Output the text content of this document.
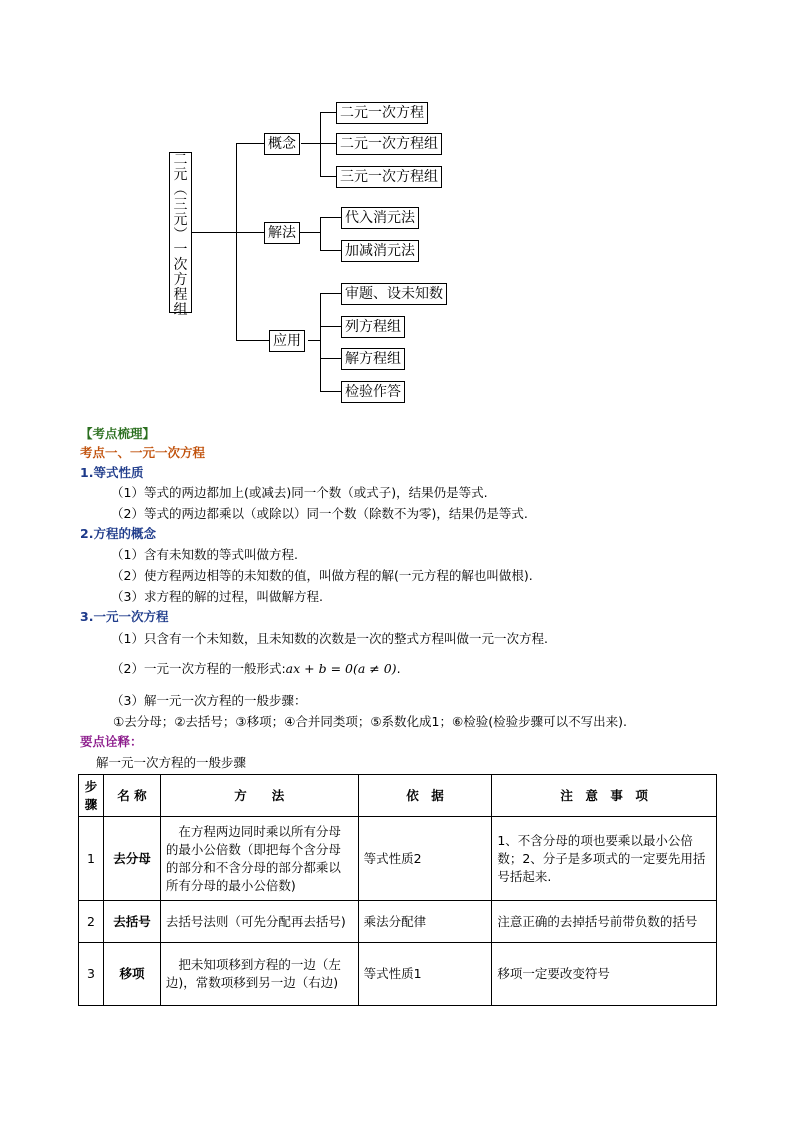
二
元
︵
三
元
︶
一
次
方
程
组
概念
解法
应用
二元一次方程
二元一次方程组
三元一次方程组
代入消元法
加减消元法
审题、设未知数
列方程组
解方程组
检验作答
【考点梳理】
考点一、一元一次方程
1.等式性质
（1）等式的两边都加上(或减去)同一个数（或式子)，结果仍是等式.
（2）等式的两边都乘以（或除以）同一个数（除数不为零)，结果仍是等式.
2.方程的概念
（1）含有未知数的等式叫做方程.
（2）使方程两边相等的未知数的值，叫做方程的解(一元方程的解也叫做根).
（3）求方程的解的过程，叫做解方程.
3.一元一次方程
（1）只含有一个未知数，且未知数的次数是一次的整式方程叫做一元一次方程.
（2）一元一次方程的一般形式:ax + b = 0(a ≠ 0).
（3）解一元一次方程的一般步骤：
①去分母；②去括号；③移项；④合并同类项；⑤系数化成1；⑥检验(检验步骤可以不写出来).
要点诠释：
解一元一次方程的一般步骤
步骤	名 称	方　　法	依　据	注　意　事　项
1	去分母	　在方程两边同时乘以所有分母的最小公倍数（即把每个含分母的部分和不含分母的部分都乘以所有分母的最小公倍数)	等式性质2	1、不含分母的项也要乘以最小公倍数；2、分子是多项式的一定要先用括号括起来.
2	去括号	去括号法则（可先分配再去括号)	乘法分配律	注意正确的去掉括号前带负数的括号
3	移项	　把未知项移到方程的一边（左边)，常数项移到另一边（右边)	等式性质1	移项一定要改变符号
